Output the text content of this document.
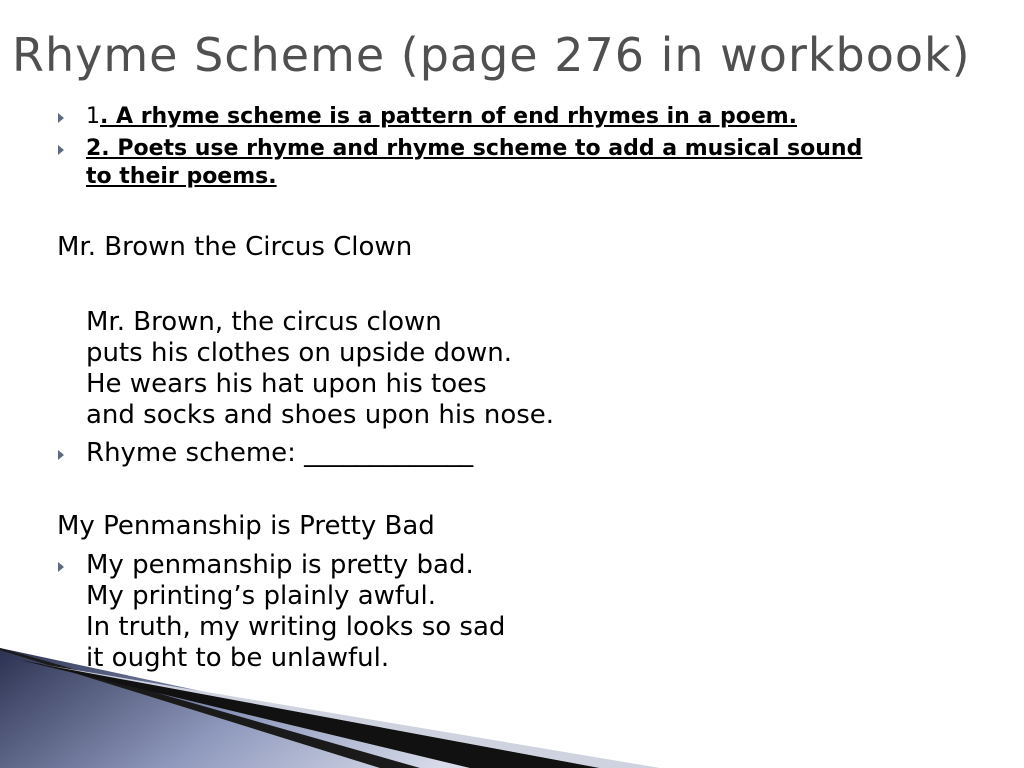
Rhyme Scheme (page 276 in workbook)
1. A rhyme scheme is a pattern of end rhymes in a poem.
2. Poets use rhyme and rhyme scheme to add a musical sound
to their poems.
Mr. Brown the Circus Clown
Mr. Brown, the circus clown
puts his clothes on upside down.
He wears his hat upon his toes
and socks and shoes upon his nose.
Rhyme scheme: _____________
My Penmanship is Pretty Bad
My penmanship is pretty bad.
My printing’s plainly awful.
In truth, my writing looks so sad
it ought to be unlawful.
